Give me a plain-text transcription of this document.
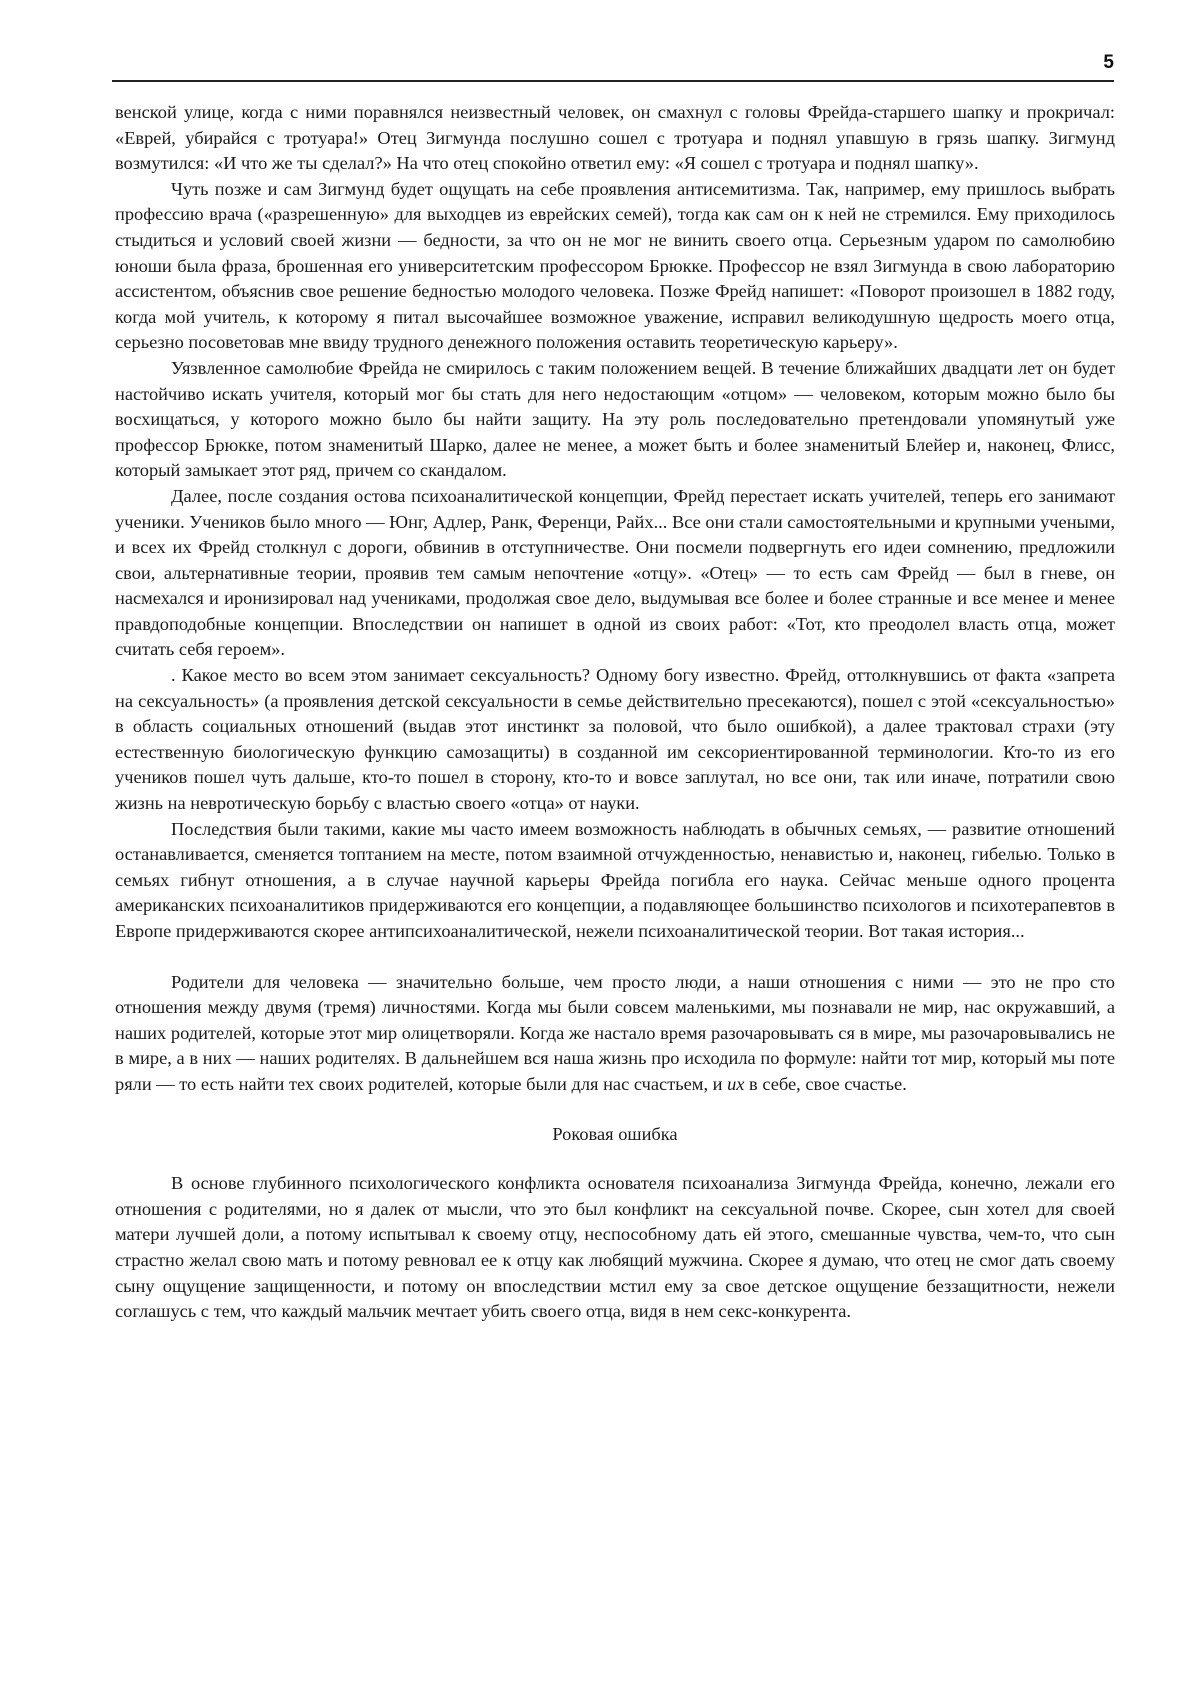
5

венской улице, когда с ними поравнялся неизвестный человек, он смахнул с головы Фрейда-старшего шапку и прокричал: «Еврей, убирайся с тротуара!» Отец Зигмунда послушно сошел с тротуара и поднял упавшую в грязь шапку. Зигмунд возмутился: «И что же ты сделал?» На что отец спокойно ответил ему: «Я сошел с тротуара и поднял шапку».

Чуть позже и сам Зигмунд будет ощущать на себе проявления антисемитизма. Так, например, ему пришлось выбрать профессию врача («разрешенную» для выходцев из еврейских семей), тогда как сам он к ней не стремился. Ему приходилось стыдиться и условий своей жизни — бедности, за что он не мог не винить своего отца. Серьезным ударом по самолюбию юноши была фраза, брошенная его университетским профессором Брюкке. Профессор не взял Зигмунда в свою лабораторию ассистентом, объяснив свое решение бедностью молодого человека. Позже Фрейд напишет: «Поворот произошел в 1882 году, когда мой учитель, к которому я питал высочайшее возможное уважение, исправил великодушную щедрость моего отца, серьезно посоветовав мне ввиду трудного денежного положения оставить теоретическую карьеру».

Уязвленное самолюбие Фрейда не смирилось с таким положением вещей. В течение ближайших двадцати лет он будет настойчиво искать учителя, который мог бы стать для него недостающим «отцом» — человеком, которым можно было бы восхищаться, у которого можно было бы найти защиту. На эту роль последовательно претендовали упомянутый уже профессор Брюкке, потом знаменитый Шарко, далее не менее, а может быть и более знаменитый Блейер и, наконец, Флисс, который замыкает этот ряд, причем со скандалом.

Далее, после создания остова психоаналитической концепции, Фрейд перестает искать учителей, теперь его занимают ученики. Учеников было много — Юнг, Адлер, Ранк, Ференци, Райх... Все они стали самостоятельными и крупными учеными, и всех их Фрейд столкнул с дороги, обвинив в отступничестве. Они посмели подвергнуть его идеи сомнению, предложили свои, альтернативные теории, проявив тем самым непочтение «отцу». «Отец» — то есть сам Фрейд — был в гневе, он насмехался и иронизировал над учениками, продолжая свое дело, выдумывая все более и более странные и все менее и менее правдоподобные концепции. Впоследствии он напишет в одной из своих работ: «Тот, кто преодолел власть отца, может считать себя героем».

. Какое место во всем этом занимает сексуальность? Одному богу известно. Фрейд, оттолкнувшись от факта «запрета на сексуальность» (а проявления детской сексуальности в семье действительно пресекаются), пошел с этой «сексуальностью» в область социальных отношений (выдав этот инстинкт за половой, что было ошибкой), а далее трактовал страхи (эту естественную биологическую функцию самозащиты) в созданной им сексориентированной терминологии. Кто-то из его учеников пошел чуть дальше, кто-то пошел в сторону, кто-то и вовсе заплутал, но все они, так или иначе, потратили свою жизнь на невротическую борьбу с властью своего «отца» от науки.

Последствия были такими, какие мы часто имеем возможность наблюдать в обычных семьях, — развитие отношений останавливается, сменяется топтанием на месте, потом взаимной отчужденностью, ненавистью и, наконец, гибелью. Только в семьях гибнут отношения, а в случае научной карьеры Фрейда погибла его наука. Сейчас меньше одного процента американских психоаналитиков придерживаются его концепции, а подавляющее большинство психологов и психотерапевтов в Европе придерживаются скорее антипсихоаналитической, нежели психоаналитической теории. Вот такая история...

Родители для человека — значительно больше, чем просто люди, а наши отношения с ними — это не про сто отношения между двумя (тремя) личностями. Когда мы были совсем маленькими, мы познавали не мир, нас окружавший, а наших родителей, которые этот мир олицетворяли. Когда же настало время разочаровывать ся в мире, мы разочаровывались не в мире, а в них — наших родителях. В дальнейшем вся наша жизнь про исходила по формуле: найти тот мир, который мы поте ряли — то есть найти тех своих родителей, которые были для нас счастьем, и их в себе, свое счастье.

Роковая ошибка

В основе глубинного психологического конфликта основателя психоанализа Зигмунда Фрейда, конечно, лежали его отношения с родителями, но я далек от мысли, что это был конфликт на сексуальной почве. Скорее, сын хотел для своей матери лучшей доли, а потому испытывал к своему отцу, неспособному дать ей этого, смешанные чувства, чем-то, что сын страстно желал свою мать и потому ревновал ее к отцу как любящий мужчина. Скорее я думаю, что отец не смог дать своему сыну ощущение защищенности, и потому он впоследствии мстил ему за свое детское ощущение беззащитности, нежели соглашусь с тем, что каждый мальчик мечтает убить своего отца, видя в нем секс-конкурента.
